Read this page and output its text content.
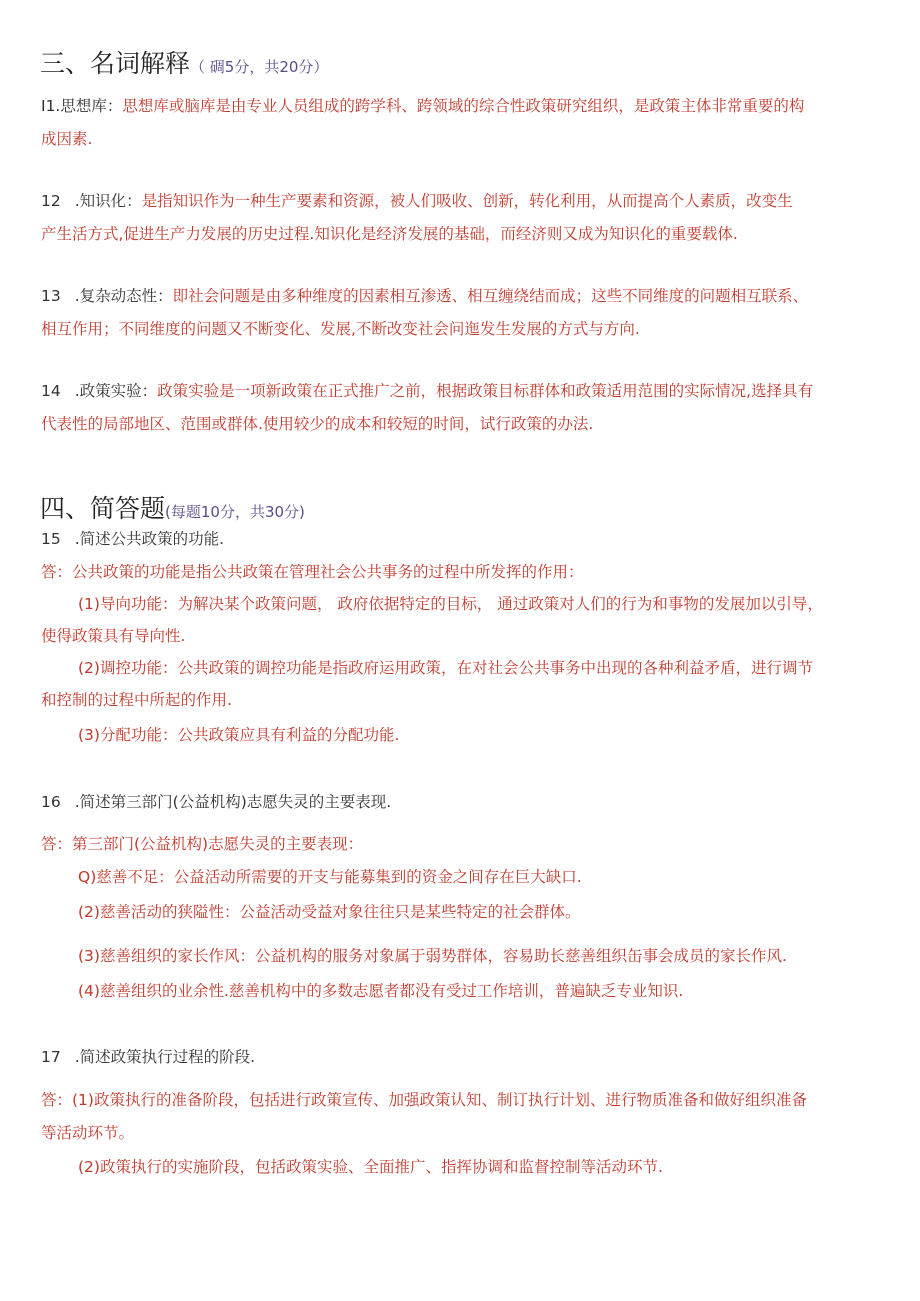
三、名词解释（ 碉5分，共20分）
I1.思想库：思想库或脑库是由专业人员组成的跨学科、跨领域的综合性政策研究组织，是政策主体非常重要的构
成因素.
12 .知识化：是指知识作为一种生产要素和资源，被人们吸收、创新，转化利用，从而提高个人素质，改变生
产生活方式,促进生产力发展的历史过程.知识化是经济发展的基础，而经济则又成为知识化的重要载体.
13 .复杂动态性：即社会问题是由多种维度的因素相互渗透、相互缠绕结而成；这些不同维度的问题相互联系、
相互作用；不同维度的问题又不断变化、发展,不断改变社会问迤发生发展的方式与方向.
14 .政策实验：政策实验是一项新政策在正式推广之前，根据政策目标群体和政策适用范围的实际情况,选择具有
代表性的局部地区、范围或群体.使用较少的成本和较短的时间，试行政策的办法.
四、简答题(每题10分，共30分)
15 .简述公共政策的功能.
答：公共政策的功能是指公共政策在管理社会公共事务的过程中所发挥的作用：
(1)导向功能：为解决某个政策问题， 政府依据特定的目标， 通过政策对人们的行为和事物的发展加以引导，
使得政策具有导向性.
(2)调控功能：公共政策的调控功能是指政府运用政策，在对社会公共事务中出现的各种利益矛盾，进行调节
和控制的过程中所起的作用.
(3)分配功能：公共政策应具有利益的分配功能.
16 .简述第三部门(公益机构)志愿失灵的主要表现.
答：第三部门(公益机构)志愿失灵的主要表现：
Q)慈善不足：公益活动所需要的开支与能募集到的资金之间存在巨大缺口.
(2)慈善活动的狭隘性：公益活动受益对象往往只是某些特定的社会群体。
(3)慈善组织的家长作风：公益机构的服务对象属于弱势群体，容易助长慈善组织缶事会成员的家长作风.
(4)慈善组织的业余性.慈善机构中的多数志愿者都没有受过工作培训，普遍缺乏专业知识.
17 .简述政策执行过程的阶段.
答：(1)政策执行的准备阶段，包括进行政策宣传、加强政策认知、制订执行计划、进行物质准备和做好组织准备
等活动环节。
(2)政策执行的实施阶段，包括政策实验、全面推广、指挥协调和监督控制等活动环节.
